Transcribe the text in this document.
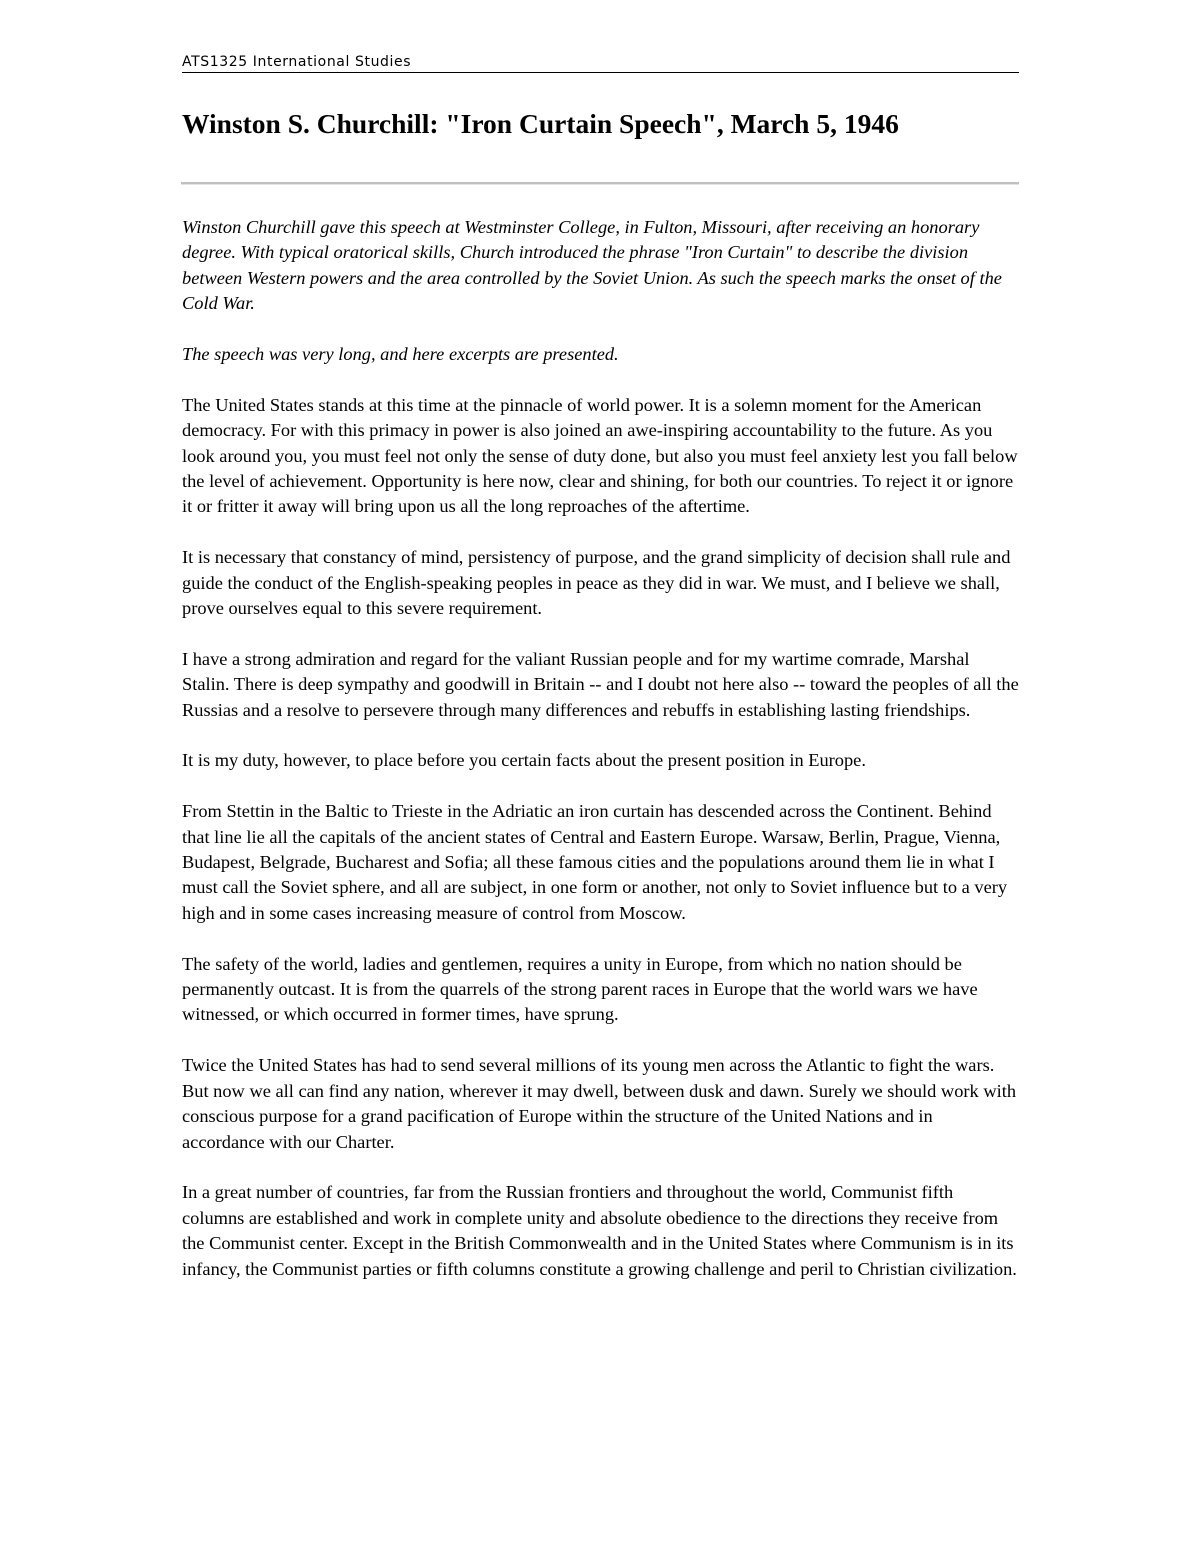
ATS1325 International Studies
Winston S. Churchill: "Iron Curtain Speech", March 5, 1946

Winston Churchill gave this speech at Westminster College, in Fulton, Missouri, after receiving an honorary degree. With typical oratorical skills, Church introduced the phrase "Iron Curtain" to describe the division between Western powers and the area controlled by the Soviet Union. As such the speech marks the onset of the Cold War.

The speech was very long, and here excerpts are presented.

The United States stands at this time at the pinnacle of world power. It is a solemn moment for the American democracy. For with this primacy in power is also joined an awe-inspiring accountability to the future. As you look around you, you must feel not only the sense of duty done, but also you must feel anxiety lest you fall below the level of achievement. Opportunity is here now, clear and shining, for both our countries. To reject it or ignore it or fritter it away will bring upon us all the long reproaches of the aftertime.

It is necessary that constancy of mind, persistency of purpose, and the grand simplicity of decision shall rule and guide the conduct of the English-speaking peoples in peace as they did in war. We must, and I believe we shall, prove ourselves equal to this severe requirement.

I have a strong admiration and regard for the valiant Russian people and for my wartime comrade, Marshal Stalin. There is deep sympathy and goodwill in Britain -- and I doubt not here also -- toward the peoples of all the Russias and a resolve to persevere through many differences and rebuffs in establishing lasting friendships.

It is my duty, however, to place before you certain facts about the present position in Europe.

From Stettin in the Baltic to Trieste in the Adriatic an iron curtain has descended across the Continent. Behind that line lie all the capitals of the ancient states of Central and Eastern Europe. Warsaw, Berlin, Prague, Vienna, Budapest, Belgrade, Bucharest and Sofia; all these famous cities and the populations around them lie in what I must call the Soviet sphere, and all are subject, in one form or another, not only to Soviet influence but to a very high and in some cases increasing measure of control from Moscow.

The safety of the world, ladies and gentlemen, requires a unity in Europe, from which no nation should be permanently outcast. It is from the quarrels of the strong parent races in Europe that the world wars we have witnessed, or which occurred in former times, have sprung.

Twice the United States has had to send several millions of its young men across the Atlantic to fight the wars. But now we all can find any nation, wherever it may dwell, between dusk and dawn. Surely we should work with conscious purpose for a grand pacification of Europe within the structure of the United Nations and in accordance with our Charter.

In a great number of countries, far from the Russian frontiers and throughout the world, Communist fifth columns are established and work in complete unity and absolute obedience to the directions they receive from the Communist center. Except in the British Commonwealth and in the United States where Communism is in its infancy, the Communist parties or fifth columns constitute a growing challenge and peril to Christian civilization.
